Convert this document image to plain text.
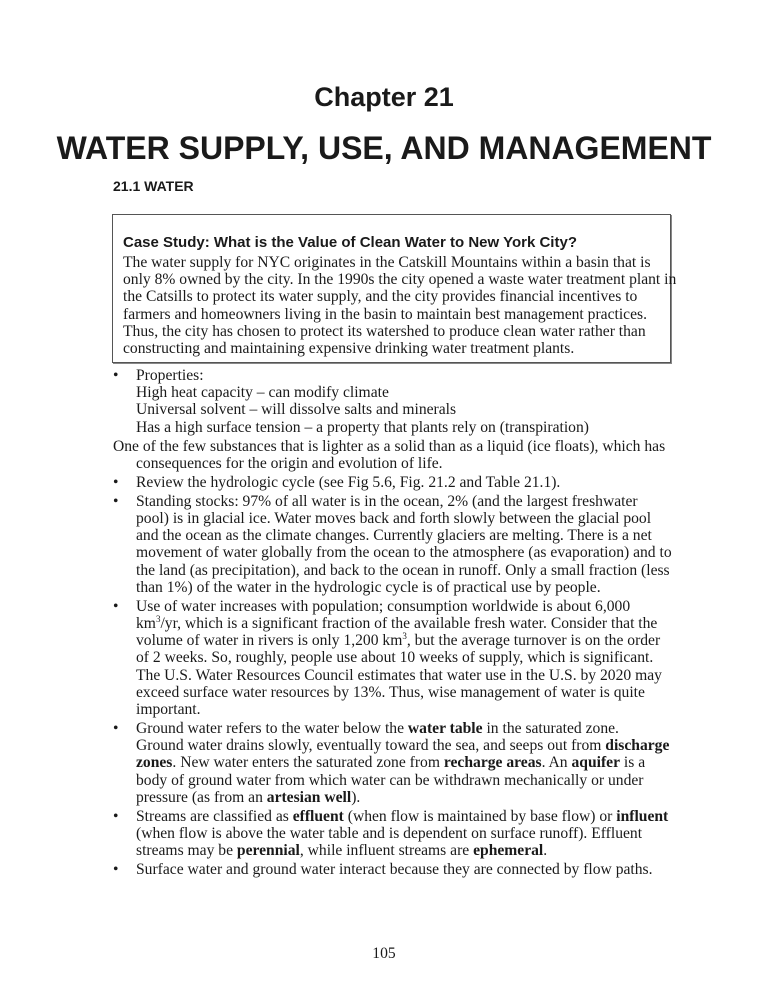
Chapter 21
WATER SUPPLY, USE, AND MANAGEMENT
21.1 WATER
Case Study: What is the Value of Clean Water to New York City?
The water supply for NYC originates in the Catskill Mountains within a basin that is
only 8% owned by the city. In the 1990s the city opened a waste water treatment plant in
the Catsills to protect its water supply, and the city provides financial incentives to
farmers and homeowners living in the basin to maintain best management practices.
Thus, the city has chosen to protect its watershed to produce clean water rather than
constructing and maintaining expensive drinking water treatment plants.
• Properties:
High heat capacity – can modify climate
Universal solvent – will dissolve salts and minerals
Has a high surface tension – a property that plants rely on (transpiration)
One of the few substances that is lighter as a solid than as a liquid (ice floats), which has
consequences for the origin and evolution of life.
• Review the hydrologic cycle (see Fig 5.6, Fig. 21.2 and Table 21.1).
• Standing stocks: 97% of all water is in the ocean, 2% (and the largest freshwater
pool) is in glacial ice. Water moves back and forth slowly between the glacial pool
and the ocean as the climate changes. Currently glaciers are melting. There is a net
movement of water globally from the ocean to the atmosphere (as evaporation) and to
the land (as precipitation), and back to the ocean in runoff. Only a small fraction (less
than 1%) of the water in the hydrologic cycle is of practical use by people.
• Use of water increases with population; consumption worldwide is about 6,000
$km^3/yr$, which is a significant fraction of the available fresh water. Consider that the
volume of water in rivers is only 1,200 $km^3$, but the average turnover is on the order
of 2 weeks. So, roughly, people use about 10 weeks of supply, which is significant.
The U.S. Water Resources Council estimates that water use in the U.S. by 2020 may
exceed surface water resources by 13%. Thus, wise management of water is quite
important.
• Ground water refers to the water below the water table in the saturated zone.
Ground water drains slowly, eventually toward the sea, and seeps out from discharge
zones. New water enters the saturated zone from recharge areas. An aquifer is a
body of ground water from which water can be withdrawn mechanically or under
pressure (as from an artesian well).
• Streams are classified as effluent (when flow is maintained by base flow) or influent
(when flow is above the water table and is dependent on surface runoff). Effluent
streams may be perennial, while influent streams are ephemeral.
• Surface water and ground water interact because they are connected by flow paths.
105
